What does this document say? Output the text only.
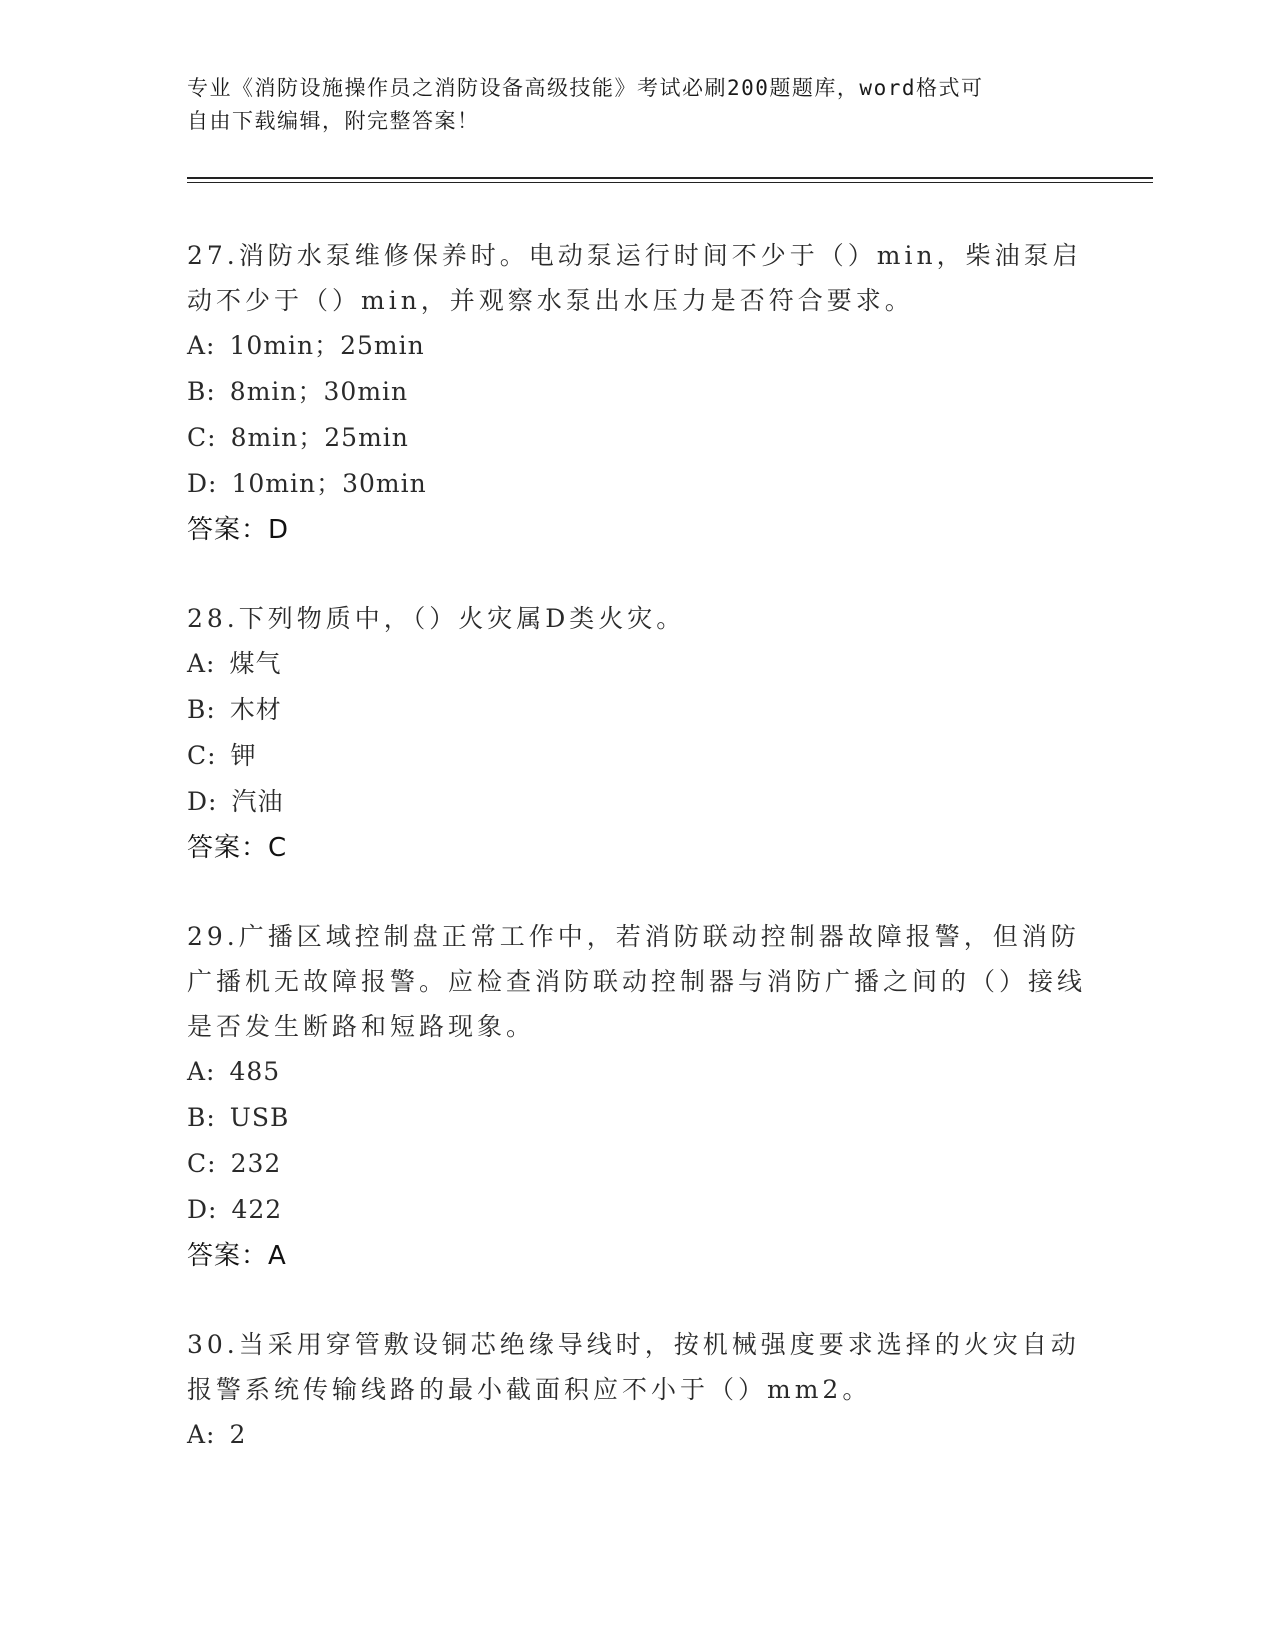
专业《消防设施操作员之消防设备高级技能》考试必刷200题题库，word格式可
自由下载编辑，附完整答案！

27.消防水泵维修保养时。电动泵运行时间不少于（）min，柴油泵启动不少于（）min，并观察水泵出水压力是否符合要求。

A: 10min；25min
B: 8min；30min
C: 8min；25min
D: 10min；30min
答案：D

28.下列物质中，（）火灾属D类火灾。

A: 煤气
B: 木材
C: 钾
D: 汽油
答案：C

29.广播区域控制盘正常工作中，若消防联动控制器故障报警，但消防广播机无故障报警。应检查消防联动控制器与消防广播之间的（）接线是否发生断路和短路现象。

A: 485
B: USB
C: 232
D: 422
答案：A

30.当采用穿管敷设铜芯绝缘导线时，按机械强度要求选择的火灾自动报警系统传输线路的最小截面积应不小于（）mm2。

A: 2
